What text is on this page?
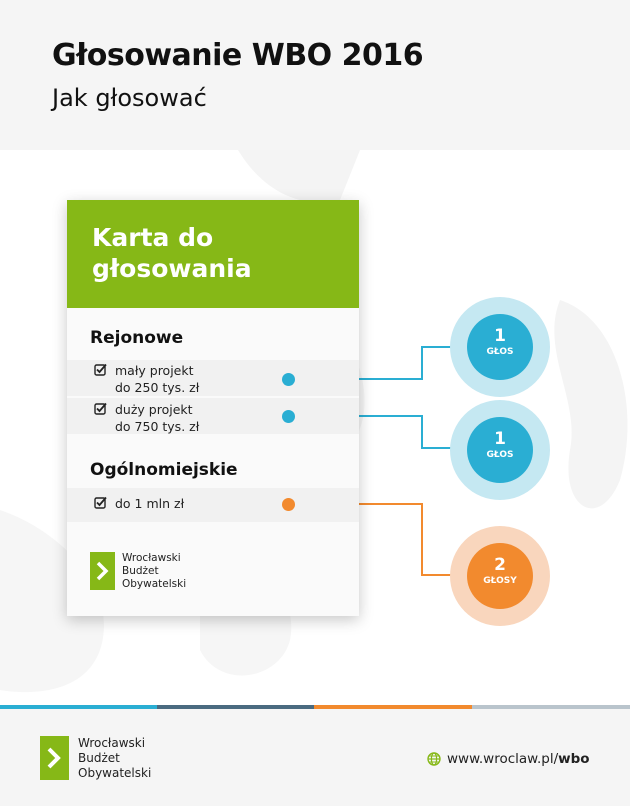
Głosowanie WBO 2016
Jak głosować
Karta do
głosowania
Rejonowe
mały projekt
do 250 tys. zł
duży projekt
do 750 tys. zł
Ogólnomiejskie
do 1 mln zł
Wrocławski
Budżet
Obywatelski
1
GŁOS
1
GŁOS
2
GŁOSY
Wrocławski
Budżet
Obywatelski
www.wroclaw.pl/wbo
